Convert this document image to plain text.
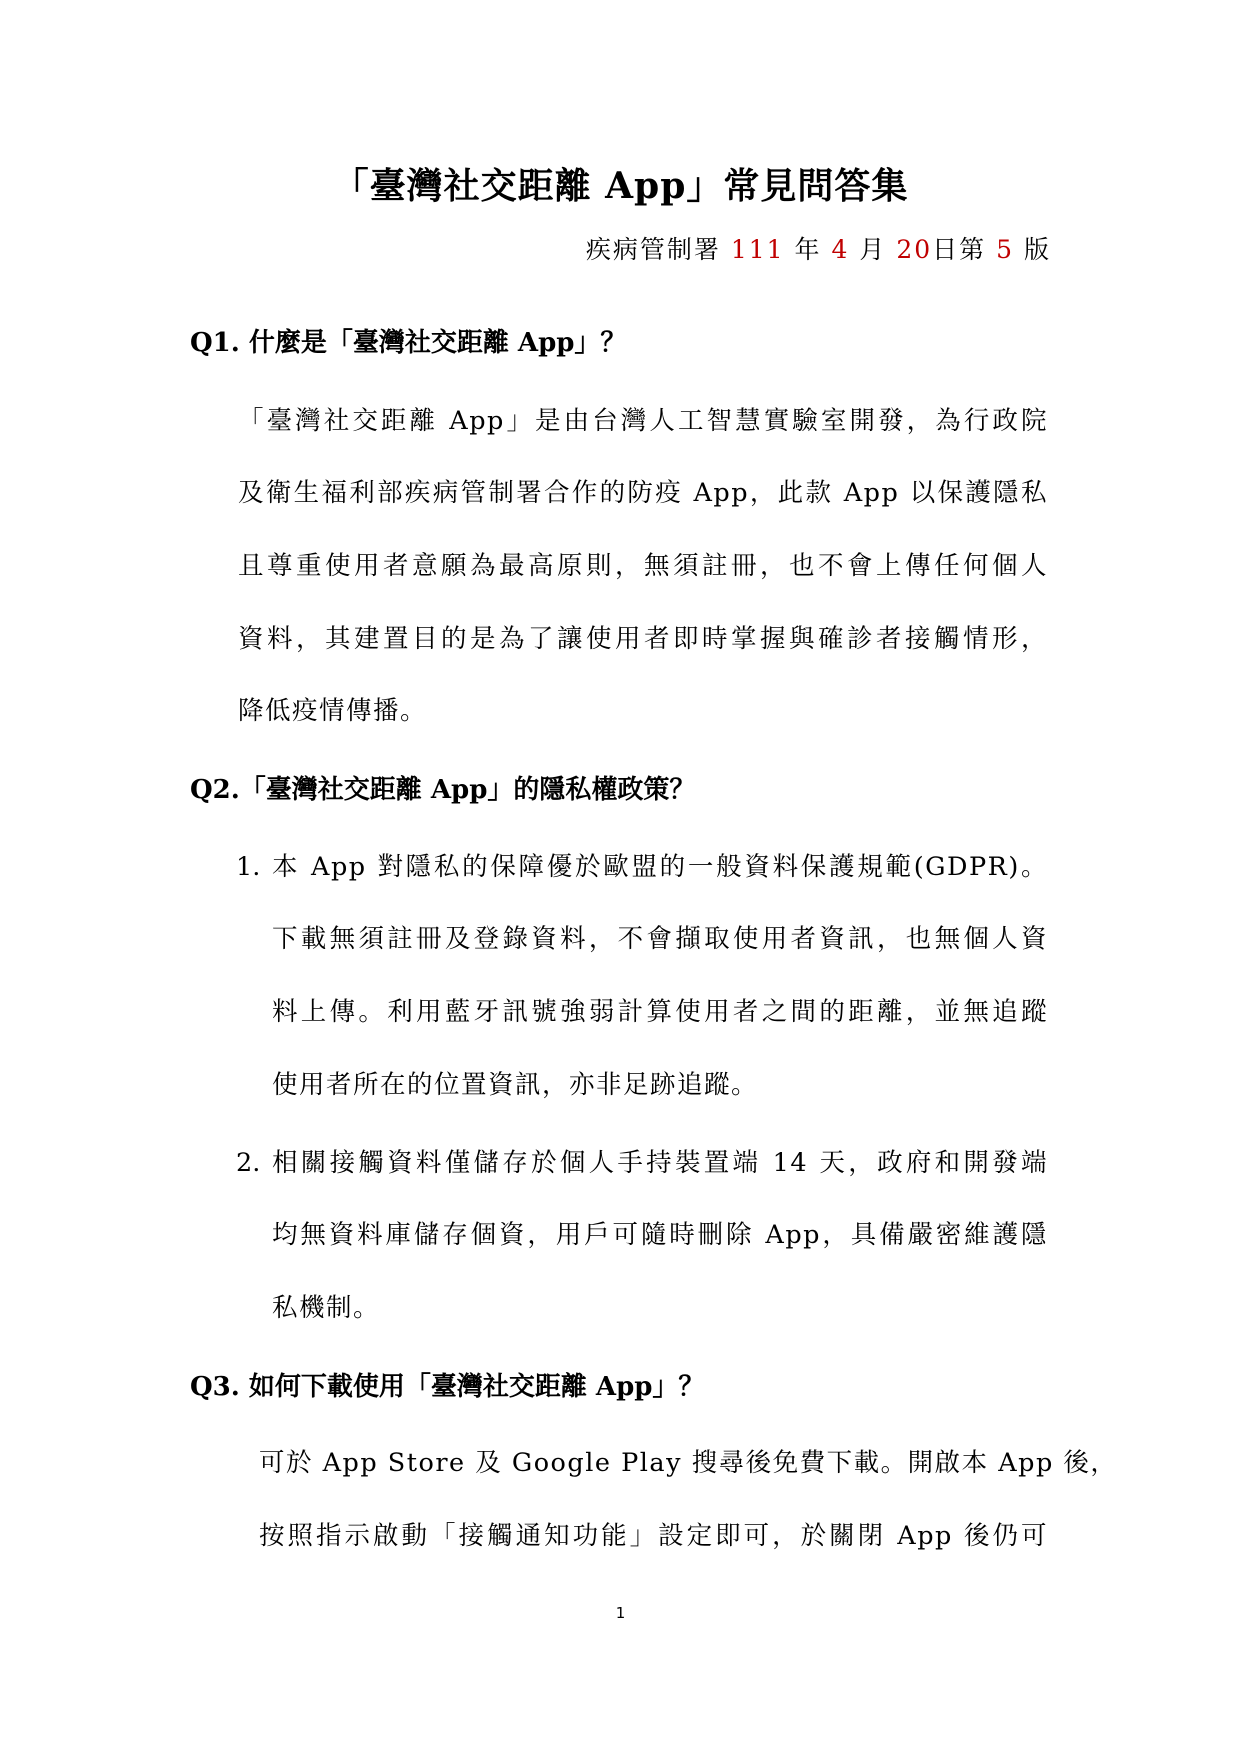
「臺灣社交距離 App」常見問答集
疾病管制署 111 年 4 月 20日第 5 版
Q1. 什麼是「臺灣社交距離 App」？
「臺灣社交距離 App」是由台灣人工智慧實驗室開發，為行政院
及衛生福利部疾病管制署合作的防疫 App，此款 App 以保護隱私
且尊重使用者意願為最高原則，無須註冊，也不會上傳任何個人
資料，其建置目的是為了讓使用者即時掌握與確診者接觸情形，
降低疫情傳播。
Q2.「臺灣社交距離 App」的隱私權政策？
1. 本 App 對隱私的保障優於歐盟的一般資料保護規範(GDPR)。
下載無須註冊及登錄資料，不會擷取使用者資訊，也無個人資
料上傳。利用藍牙訊號強弱計算使用者之間的距離，並無追蹤
使用者所在的位置資訊，亦非足跡追蹤。
2. 相關接觸資料僅儲存於個人手持裝置端 14 天，政府和開發端
均無資料庫儲存個資，用戶可隨時刪除 App，具備嚴密維護隱
私機制。
Q3. 如何下載使用「臺灣社交距離 App」？
可於 App Store 及 Google Play 搜尋後免費下載。開啟本 App 後，
按照指示啟動「接觸通知功能」設定即可，於關閉 App 後仍可
1
